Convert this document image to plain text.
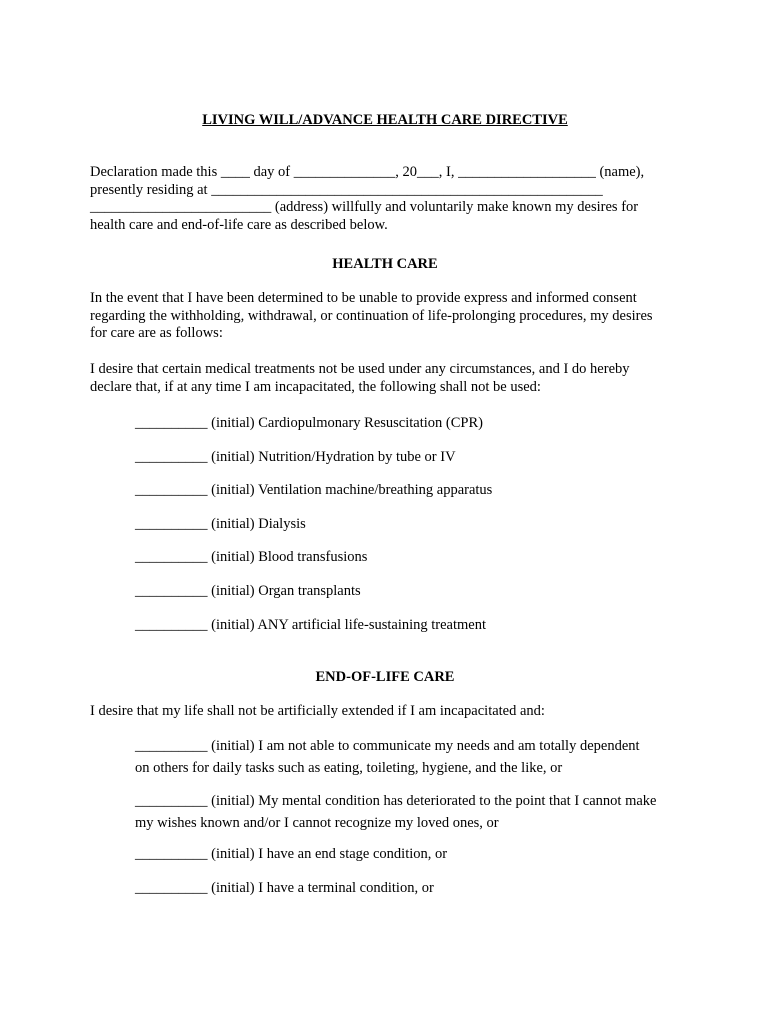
LIVING WILL/ADVANCE HEALTH CARE DIRECTIVE
Declaration made this ____ day of ______________, 20___, I, ___________________ (name),
presently residing at ______________________________________________________
_________________________ (address) willfully and voluntarily make known my desires for
health care and end-of-life care as described below.
HEALTH CARE
In the event that I have been determined to be unable to provide express and informed consent
regarding the withholding, withdrawal, or continuation of life-prolonging procedures, my desires
for care are as follows:
I desire that certain medical treatments not be used under any circumstances, and I do hereby
declare that, if at any time I am incapacitated, the following shall not be used:
__________ (initial) Cardiopulmonary Resuscitation (CPR)
__________ (initial) Nutrition/Hydration by tube or IV
__________ (initial) Ventilation machine/breathing apparatus
__________ (initial) Dialysis
__________ (initial) Blood transfusions
__________ (initial) Organ transplants
__________ (initial) ANY artificial life-sustaining treatment
END-OF-LIFE CARE
I desire that my life shall not be artificially extended if I am incapacitated and:
__________ (initial) I am not able to communicate my needs and am totally dependent
on others for daily tasks such as eating, toileting, hygiene, and the like, or
__________ (initial) My mental condition has deteriorated to the point that I cannot make
my wishes known and/or I cannot recognize my loved ones, or
__________ (initial) I have an end stage condition, or
__________ (initial) I have a terminal condition, or
